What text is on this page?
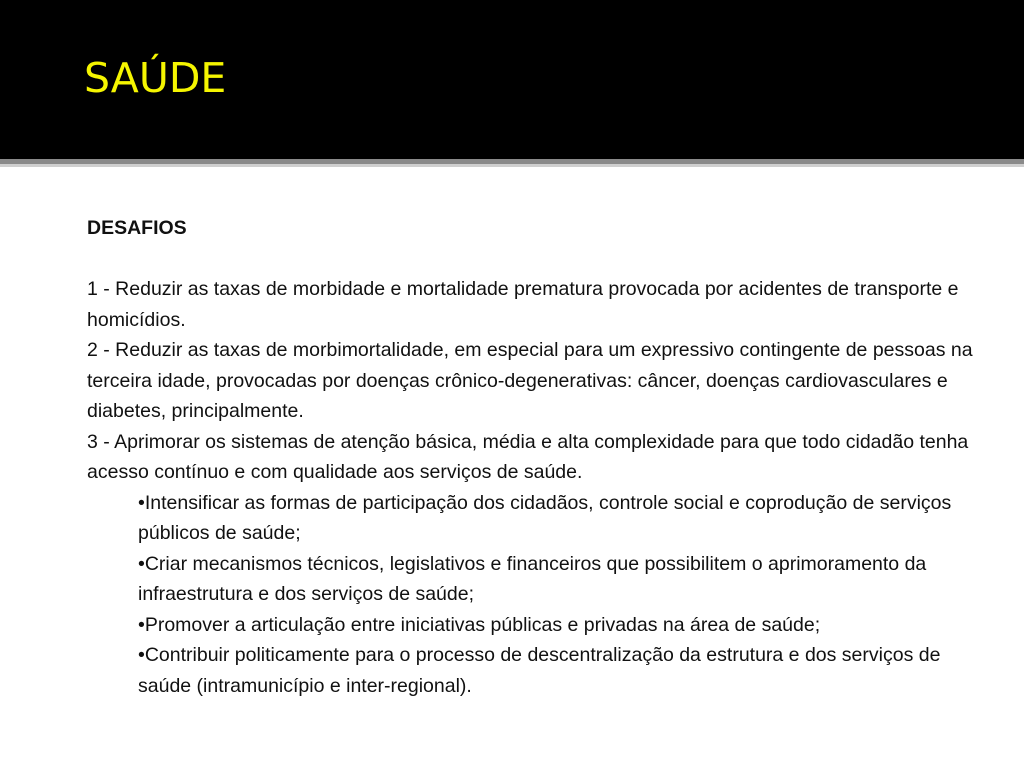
SAÚDE

DESAFIOS

1 - Reduzir as taxas de morbidade e mortalidade prematura provocada por acidentes de transporte e homicídios.

2 - Reduzir as taxas de morbimortalidade, em especial para um expressivo contingente de pessoas na terceira idade, provocadas por doenças crônico-degenerativas: câncer, doenças cardiovasculares e diabetes, principalmente.

3 - Aprimorar os sistemas de atenção básica, média e alta complexidade para que todo cidadão tenha acesso contínuo e com qualidade aos serviços de saúde.

•Intensificar as formas de participação dos cidadãos, controle social e coprodução de serviços públicos de saúde;
•Criar mecanismos técnicos, legislativos e financeiros que possibilitem o aprimoramento da infraestrutura e dos serviços de saúde;
•Promover a articulação entre iniciativas públicas e privadas na área de saúde;
•Contribuir politicamente para o processo de descentralização da estrutura e dos serviços de saúde (intramunicípio e inter-regional).
